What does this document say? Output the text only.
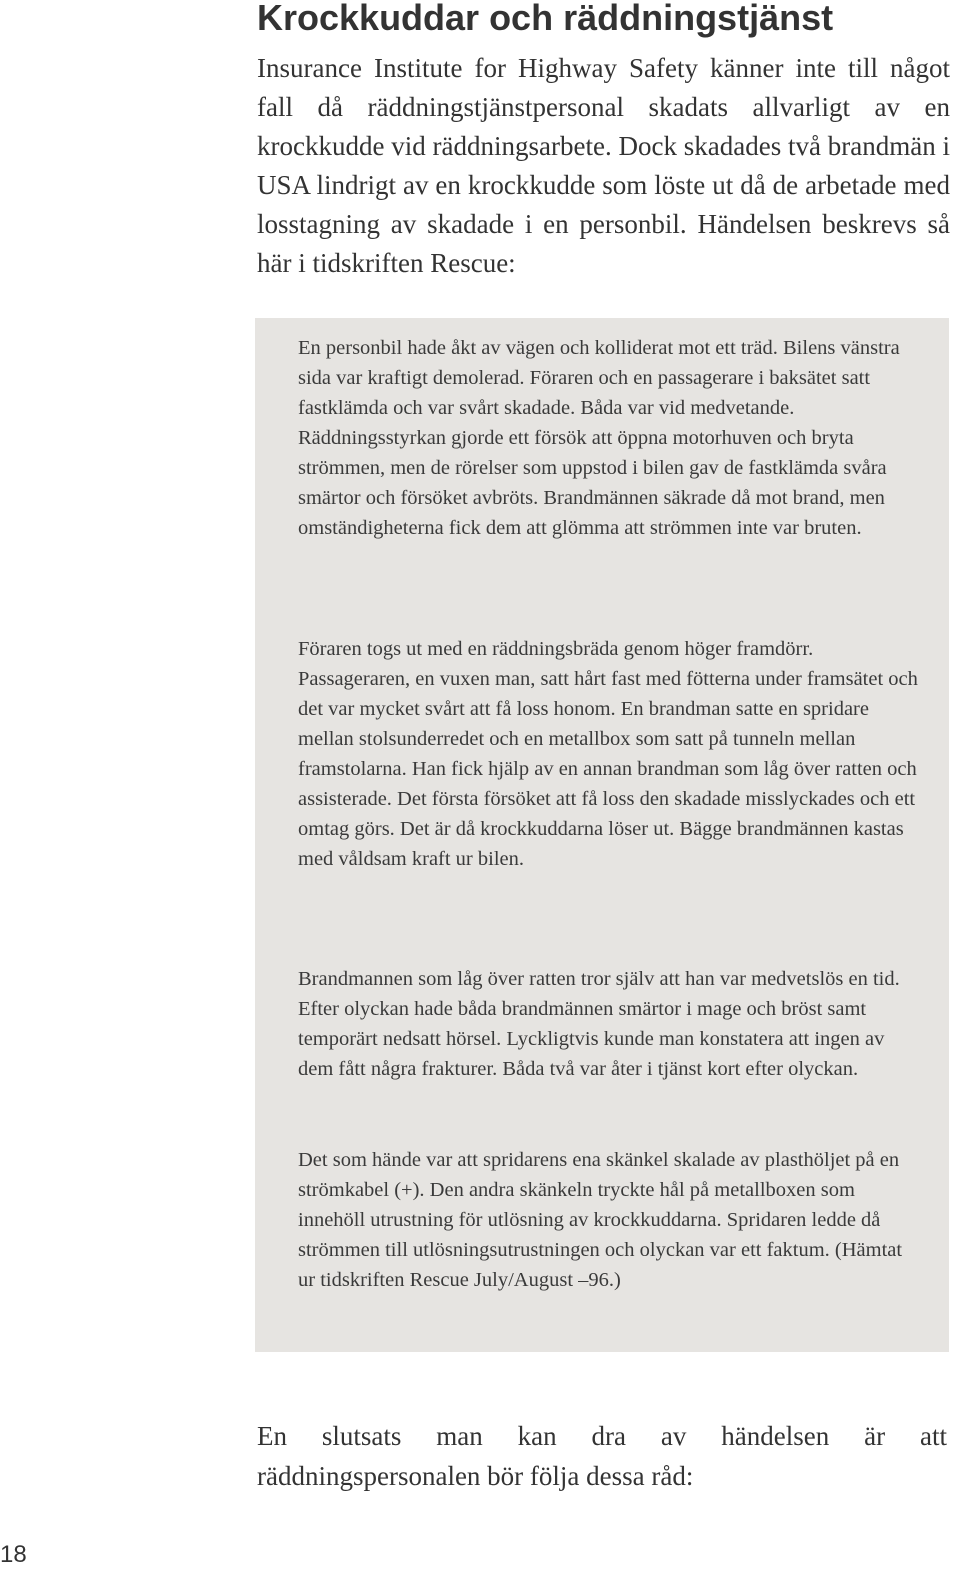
Krockkuddar och räddningstjänst

Insurance Institute for Highway Safety känner inte till något fall då räddningstjänstpersonal skadats allvarligt av en krockkudde vid räddningsarbete. Dock skadades två brandmän i USA lindrigt av en krockkudde som löste ut då de arbetade med losstagning av skadade i en personbil. Händelsen beskrevs så här i tidskriften Rescue:

En personbil hade åkt av vägen och kolliderat mot ett träd. Bilens vänstra sida var kraftigt demolerad. Föraren och en passagerare i baksätet satt fastklämda och var svårt skadade. Båda var vid medvetande. Räddningsstyrkan gjorde ett försök att öppna motorhuven och bryta strömmen, men de rörelser som uppstod i bilen gav de fastklämda svåra smärtor och försöket avbröts. Brandmännen säkrade då mot brand, men omständigheterna fick dem att glömma att strömmen inte var bruten.

Föraren togs ut med en räddningsbräda genom höger framdörr. Passageraren, en vuxen man, satt hårt fast med fötterna under framsätet och det var mycket svårt att få loss honom. En brandman satte en spridare mellan stolsunderredet och en metallbox som satt på tunneln mellan framstolarna. Han fick hjälp av en annan brandman som låg över ratten och assisterade. Det första försöket att få loss den skadade misslyckades och ett omtag görs. Det är då krockkuddarna löser ut. Bägge brandmännen kastas med våldsam kraft ur bilen.

Brandmannen som låg över ratten tror själv att han var medvetslös en tid. Efter olyckan hade båda brandmännen smärtor i mage och bröst samt temporärt nedsatt hörsel. Lyckligtvis kunde man konstatera att ingen av dem fått några frakturer. Båda två var åter i tjänst kort efter olyckan.

Det som hände var att spridarens ena skänkel skalade av plasthöljet på en strömkabel (+). Den andra skänkeln tryckte hål på metallboxen som innehöll utrustning för utlösning av krockkuddarna. Spridaren ledde då strömmen till utlösningsutrustningen och olyckan var ett faktum. (Hämtat ur tidskriften Rescue July/August –96.)

En slutsats man kan dra av händelsen är att räddningspersonalen bör följa dessa råd:

18
